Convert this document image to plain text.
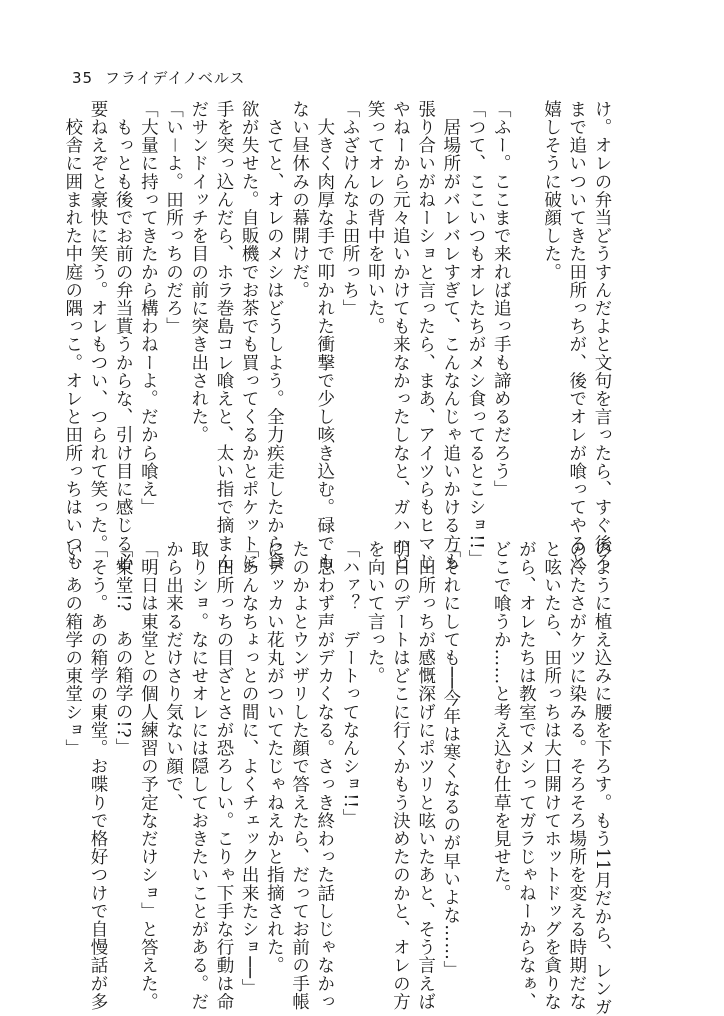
35 フライデイノベルス

け。オレの弁当どうすんだよと文句を言ったら、すぐ後ろ

まで追いついてきた田所っちが、後でオレが喰ってやると

嬉しそうに破顔した。

「ふー。ここまで来れば追っ手も諦めるだろう」

「つて、ここいつもオレたちがメシ食ってるとこショ!!」

　居場所がバレバレすぎて、こんなんじゃ追いかける方も

張り合いがねーショと言ったら、まあ、アイツらもヒマじ

やねーから元々追いかけても来なかったしなと、ガハハと

笑ってオレの背中を叩いた。

「ふざけんなよ田所っち」

　大きく肉厚な手で叩かれた衝撃で少し咳き込む。碌でも

ない昼休みの幕開けだ。

　さてと、オレのメシはどうしよう。全力疾走したから食

欲が失せた。自販機でお茶でも買ってくるかとポケットに

手を突っ込んだら、ホラ巻島コレ喰えと、太い指で摘まん

だサンドイッチを目の前に突き出された。

「い－よ。田所っちのだろ」

「大量に持ってきたから構わねーよ。だから喰え」

　もっとも後でお前の弁当貰うからな、引け目に感じる必

要ねえぞと豪快に笑う。オレもつい、つられて笑った。

　校舎に囲まれた中庭の隅っこ。オレと田所っちはいつも

のように植え込みに腰を下ろす。もう11月だから、レンガ

の冷たさがケツに染みる。そろそろ場所を変える時期だな

と呟いたら、田所っちは大口開けてホットドッグを貪りな

がら、オレたちは教室でメシってガラじゃねーからなぁ、

どこで喰うか……と考え込む仕草を見せた。

「それにしても──今年は寒くなるのが早いよな……」

　田所っちが感慨深げにポツリと呟いたあと、そう言えば

明日のデートはどこに行くかもう決めたのかと、オレの方

を向いて言った。

「ハァ？　デートってなんショ!!」

　思わず声がデカくなる。さっき終わった話しじゃなかっ

たのかよとウンザリした顔で答えたら、だってお前の手帳

にデッカい花丸がついてたじゃねえかと指摘された。

「あんなちょっとの間に、よくチェック出来たショ──」

　田所っちの目ざとさが恐ろしい。こりゃ下手な行動は命

取りショ。なにせオレには隠しておきたいことがある。だ

から出来るだけさり気ない顔で、

「明日は東堂との個人練習の予定なだけショ」と答えた。

「東堂!?　あの箱学の!?」

「そう。あの箱学の東堂。お喋りで格好つけで自慢話が多

い、あの箱学の東堂ショ」
